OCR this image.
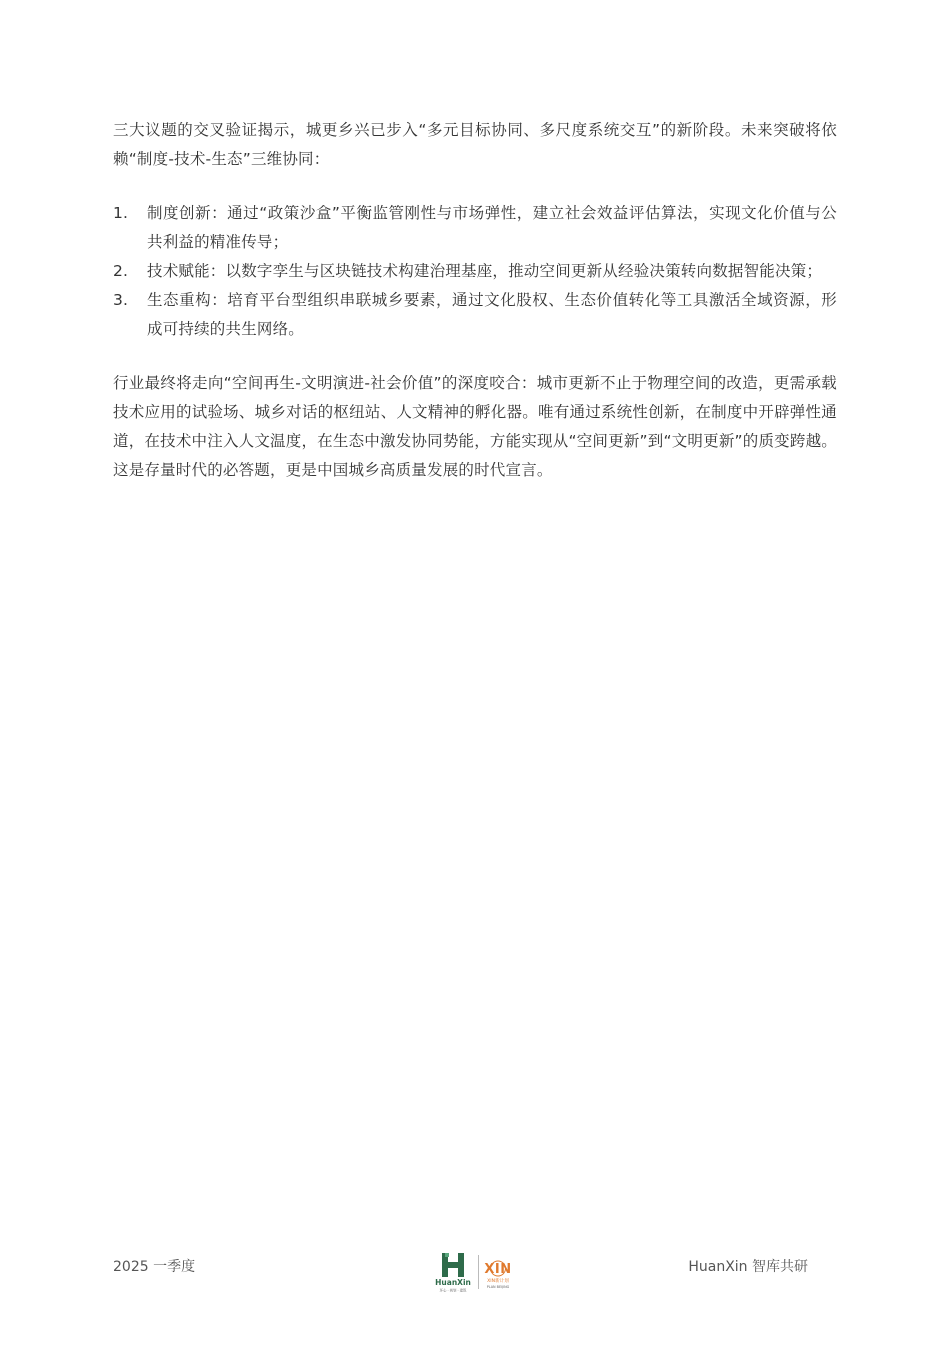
三大议题的交叉验证揭示，城更乡兴已步入“多元目标协同、多尺度系统交互”的新阶段。未来突破将依赖“制度-技术-生态”三维协同：

1. 制度创新：通过“政策沙盒”平衡监管刚性与市场弹性，建立社会效益评估算法，实现文化价值与公共利益的精准传导；
2. 技术赋能：以数字孪生与区块链技术构建治理基座，推动空间更新从经验决策转向数据智能决策；
3. 生态重构：培育平台型组织串联城乡要素，通过文化股权、生态价值转化等工具激活全域资源，形成可持续的共生网络。

行业最终将走向“空间再生-文明演进-社会价值”的深度咬合：城市更新不止于物理空间的改造，更需承载技术应用的试验场、城乡对话的枢纽站、人文精神的孵化器。唯有通过系统性创新，在制度中开辟弹性通道，在技术中注入人文温度，在生态中激发协同势能，方能实现从“空间更新”到“文明更新”的质变跨越。这是存量时代的必答题，更是中国城乡高质量发展的时代宣言。

2025 一季度
HuanXin
环心 · 规划 · 建筑
XIN
XIN新计划
PLAN BEIJING
HuanXin 智库共研
